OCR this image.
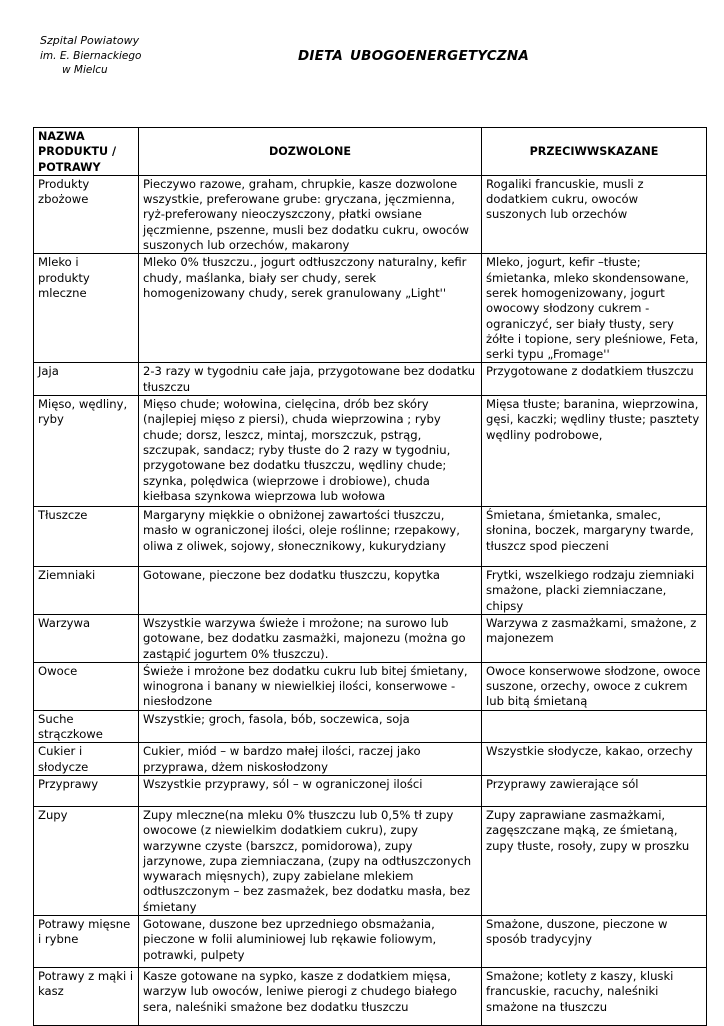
Szpital Powiatowy
im. E. Biernackiego
w Mielcu
DIETA UBOGOENERGETYCZNA
NAZWA PRODUKTU / POTRAWY	DOZWOLONE	PRZECIWWSKAZANE
Produkty zbożowe	Pieczywo razowe, graham, chrupkie, kasze dozwolone wszystkie, preferowane grube: gryczana, jęczmienna, ryż-preferowany nieoczyszczony, płatki owsiane jęczmienne, pszenne, musli bez dodatku cukru, owoców suszonych lub orzechów, makarony	Rogaliki francuskie, musli z dodatkiem cukru, owoców suszonych lub orzechów
Mleko i produkty mleczne	Mleko 0% tłuszczu., jogurt odtłuszczony naturalny, kefir chudy, maślanka, biały ser chudy, serek homogenizowany chudy, serek granulowany „Light''	Mleko, jogurt, kefir –tłuste; śmietanka, mleko skondensowane, serek homogenizowany, jogurt owocowy słodzony cukrem - ograniczyć, ser biały tłusty, sery żółte i topione, sery pleśniowe, Feta, serki typu „Fromage''
Jaja	2-3 razy w tygodniu całe jaja, przygotowane bez dodatku tłuszczu	Przygotowane z dodatkiem tłuszczu
Mięso, wędliny, ryby	Mięso chude; wołowina, cielęcina, drób bez skóry (najlepiej mięso z piersi), chuda wieprzowina ; ryby chude; dorsz, leszcz, mintaj, morszczuk, pstrąg, szczupak, sandacz; ryby tłuste do 2 razy w tygodniu, przygotowane bez dodatku tłuszczu, wędliny chude; szynka, polędwica (wieprzowe i drobiowe), chuda kiełbasa szynkowa wieprzowa lub wołowa	Mięsa tłuste; baranina, wieprzowina, gęsi, kaczki; wędliny tłuste; pasztety wędliny podrobowe,
Tłuszcze	Margaryny miękkie o obniżonej zawartości tłuszczu, masło w ograniczonej ilości, oleje roślinne; rzepakowy, oliwa z oliwek, sojowy, słonecznikowy, kukurydziany	Śmietana, śmietanka, smalec, słonina, boczek, margaryny twarde, tłuszcz spod pieczeni
Ziemniaki	Gotowane, pieczone bez dodatku tłuszczu, kopytka	Frytki, wszelkiego rodzaju ziemniaki smażone, placki ziemniaczane, chipsy
Warzywa	Wszystkie warzywa świeże i mrożone; na surowo lub gotowane, bez dodatku zasmażki, majonezu (można go zastąpić jogurtem 0% tłuszczu).	Warzywa z zasmażkami, smażone, z majonezem
Owoce	Świeże i mrożone bez dodatku cukru lub bitej śmietany, winogrona i banany w niewielkiej ilości, konserwowe - niesłodzone	Owoce konserwowe słodzone, owoce suszone, orzechy, owoce z cukrem lub bitą śmietaną
Suche strączkowe	Wszystkie; groch, fasola, bób, soczewica, soja	
Cukier i słodycze	Cukier, miód – w bardzo małej ilości, raczej jako przyprawa, dżem niskosłodzony	Wszystkie słodycze, kakao, orzechy
Przyprawy	Wszystkie przyprawy, sól – w ograniczonej ilości	Przyprawy zawierające sól
Zupy	Zupy mleczne(na mleku 0% tłuszczu lub 0,5% tł zupy owocowe (z niewielkim dodatkiem cukru), zupy warzywne czyste (barszcz, pomidorowa), zupy jarzynowe, zupa ziemniaczana, (zupy na odtłuszczonych wywarach mięsnych), zupy zabielane mlekiem odtłuszczonym – bez zasmażek, bez dodatku masła, bez śmietany	Zupy zaprawiane zasmażkami, zagęszczane mąką, ze śmietaną, zupy tłuste, rosoły, zupy w proszku
Potrawy mięsne i rybne	Gotowane, duszone bez uprzedniego obsmażania, pieczone w folii aluminiowej lub rękawie foliowym, potrawki, pulpety	Smażone, duszone, pieczone w sposób tradycyjny
Potrawy z mąki i kasz	Kasze gotowane na sypko, kasze z dodatkiem mięsa, warzyw lub owoców, leniwe pierogi z chudego białego sera, naleśniki smażone bez dodatku tłuszczu	Smażone; kotlety z kaszy, kluski francuskie, racuchy, naleśniki smażone na tłuszczu
